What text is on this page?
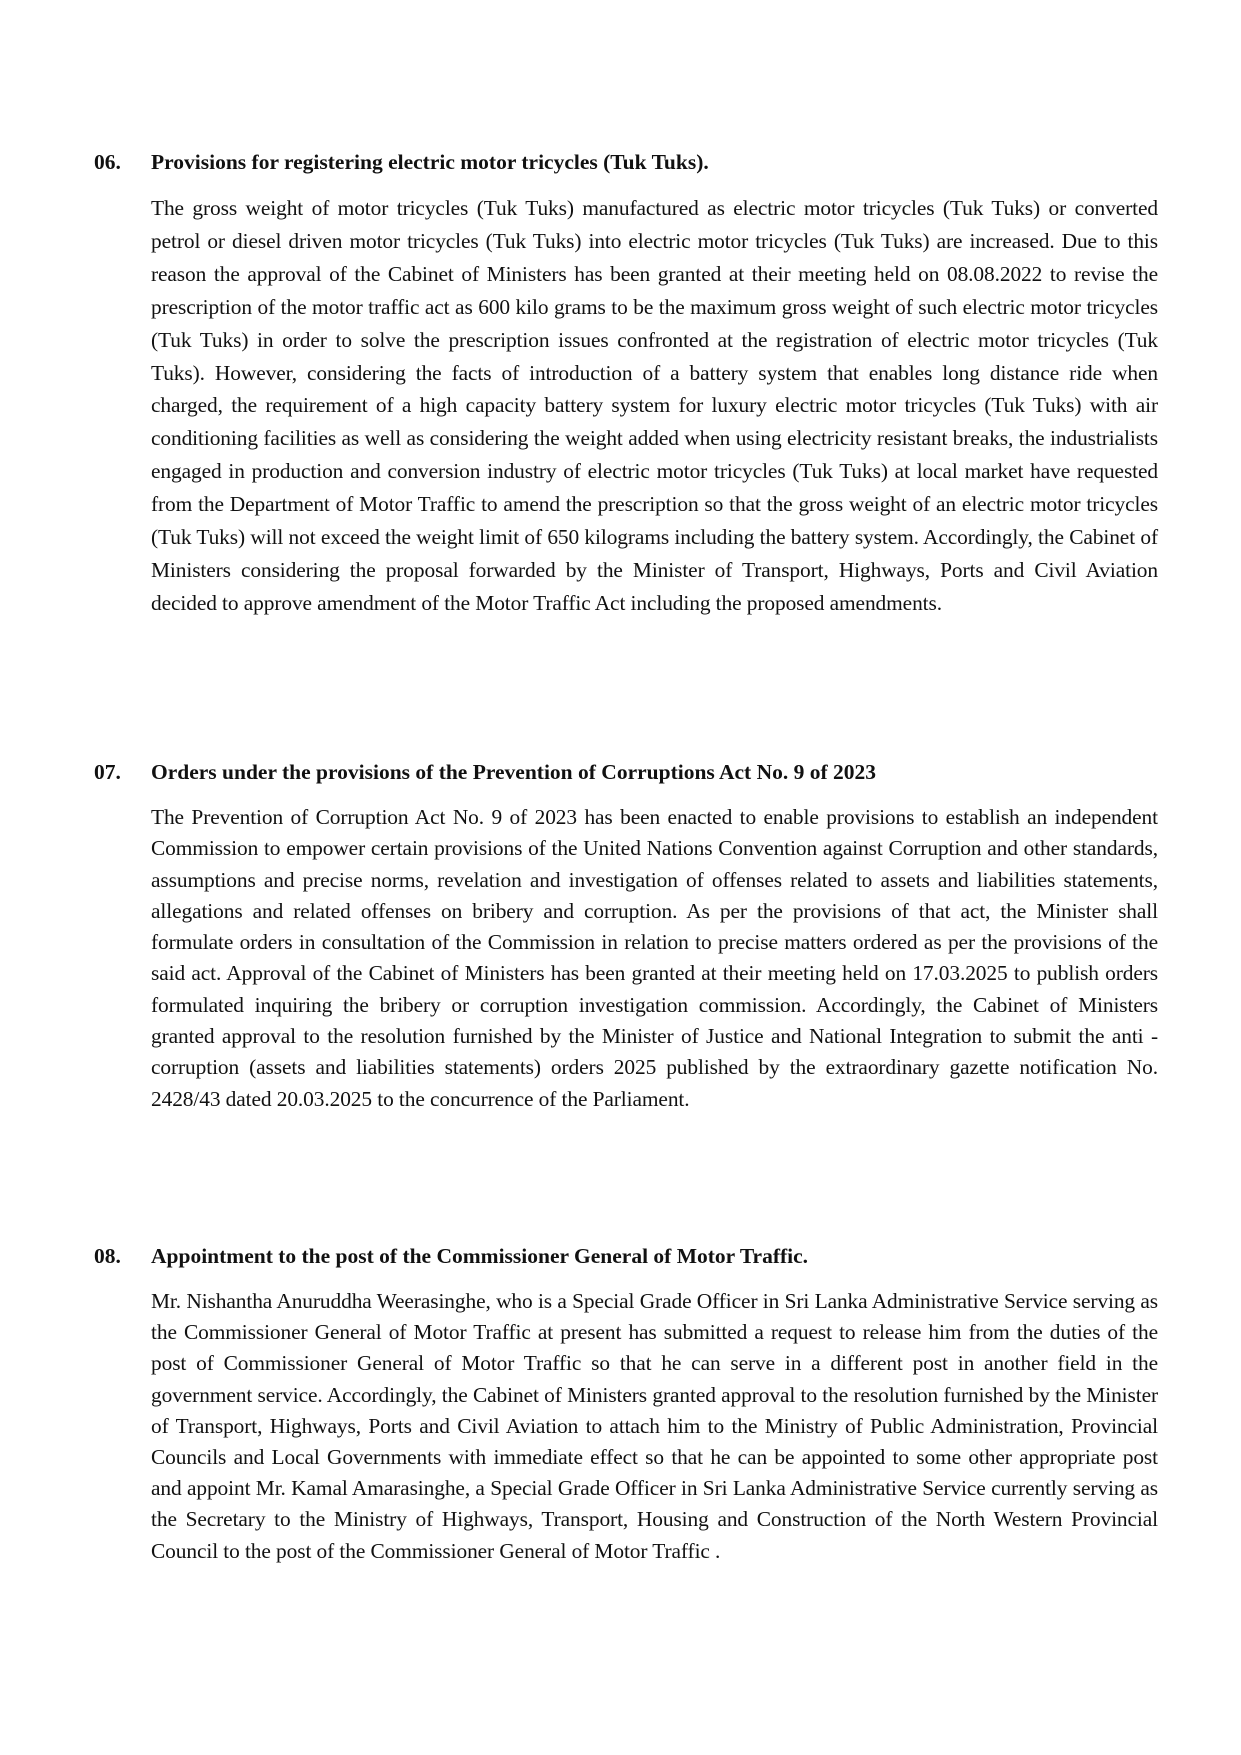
06.	Provisions for registering electric motor tricycles (Tuk Tuks).

The gross weight of motor tricycles (Tuk Tuks) manufactured as electric motor tricycles (Tuk Tuks) or converted petrol or diesel driven motor tricycles (Tuk Tuks) into electric motor tricycles (Tuk Tuks) are increased. Due to this reason the approval of the Cabinet of Ministers has been granted at their meeting held on 08.08.2022 to revise the prescription of the motor traffic act as 600 kilo grams to be the maximum gross weight of such electric motor tricycles (Tuk Tuks) in order to solve the prescription issues confronted at the registration of electric motor tricycles (Tuk Tuks). However, considering the facts of introduction of a battery system that enables long distance ride when charged, the requirement of a high capacity battery system for luxury electric motor tricycles (Tuk Tuks) with air conditioning facilities as well as considering the weight added when using electricity resistant breaks, the industrialists engaged in production and conversion industry of electric motor tricycles (Tuk Tuks) at local market have requested from the Department of Motor Traffic to amend the prescription so that the gross weight of an electric motor tricycles (Tuk Tuks) will not exceed the weight limit of 650 kilograms including the battery system. Accordingly, the Cabinet of Ministers considering the proposal forwarded by the Minister of Transport, Highways, Ports and Civil Aviation decided to approve amendment of the Motor Traffic Act including the proposed amendments.

07.	Orders under the provisions of the Prevention of Corruptions Act No. 9 of 2023

The Prevention of Corruption Act No. 9 of 2023 has been enacted to enable provisions to establish an independent Commission to empower certain provisions of the United Nations Convention against Corruption and other standards, assumptions and precise norms, revelation and investigation of offenses related to assets and liabilities statements, allegations and related offenses on bribery and corruption. As per the provisions of that act, the Minister shall formulate orders in consultation of the Commission in relation to precise matters ordered as per the provisions of the said act. Approval of the Cabinet of Ministers has been granted at their meeting held on 17.03.2025 to publish orders formulated inquiring the bribery or corruption investigation commission. Accordingly, the Cabinet of Ministers granted approval to the resolution furnished by the Minister of Justice and National Integration to submit the anti - corruption (assets and liabilities statements) orders 2025 published by the extraordinary gazette notification No. 2428/43 dated 20.03.2025 to the concurrence of the Parliament.

08.	Appointment to the post of the Commissioner General of Motor Traffic.

Mr. Nishantha Anuruddha Weerasinghe, who is a Special Grade Officer in Sri Lanka Administrative Service serving as the Commissioner General of Motor Traffic at present has submitted a request to release him from the duties of the post of Commissioner General of Motor Traffic so that he can serve in a different post in another field in the government service. Accordingly, the Cabinet of Ministers granted approval to the resolution furnished by the Minister of Transport, Highways, Ports and Civil Aviation to attach him to the Ministry of Public Administration, Provincial Councils and Local Governments with immediate effect so that he can be appointed to some other appropriate post and appoint Mr. Kamal Amarasinghe, a Special Grade Officer in Sri Lanka Administrative Service currently serving as the Secretary to the Ministry of Highways, Transport, Housing and Construction of the North Western Provincial Council to the post of the Commissioner General of Motor Traffic .
